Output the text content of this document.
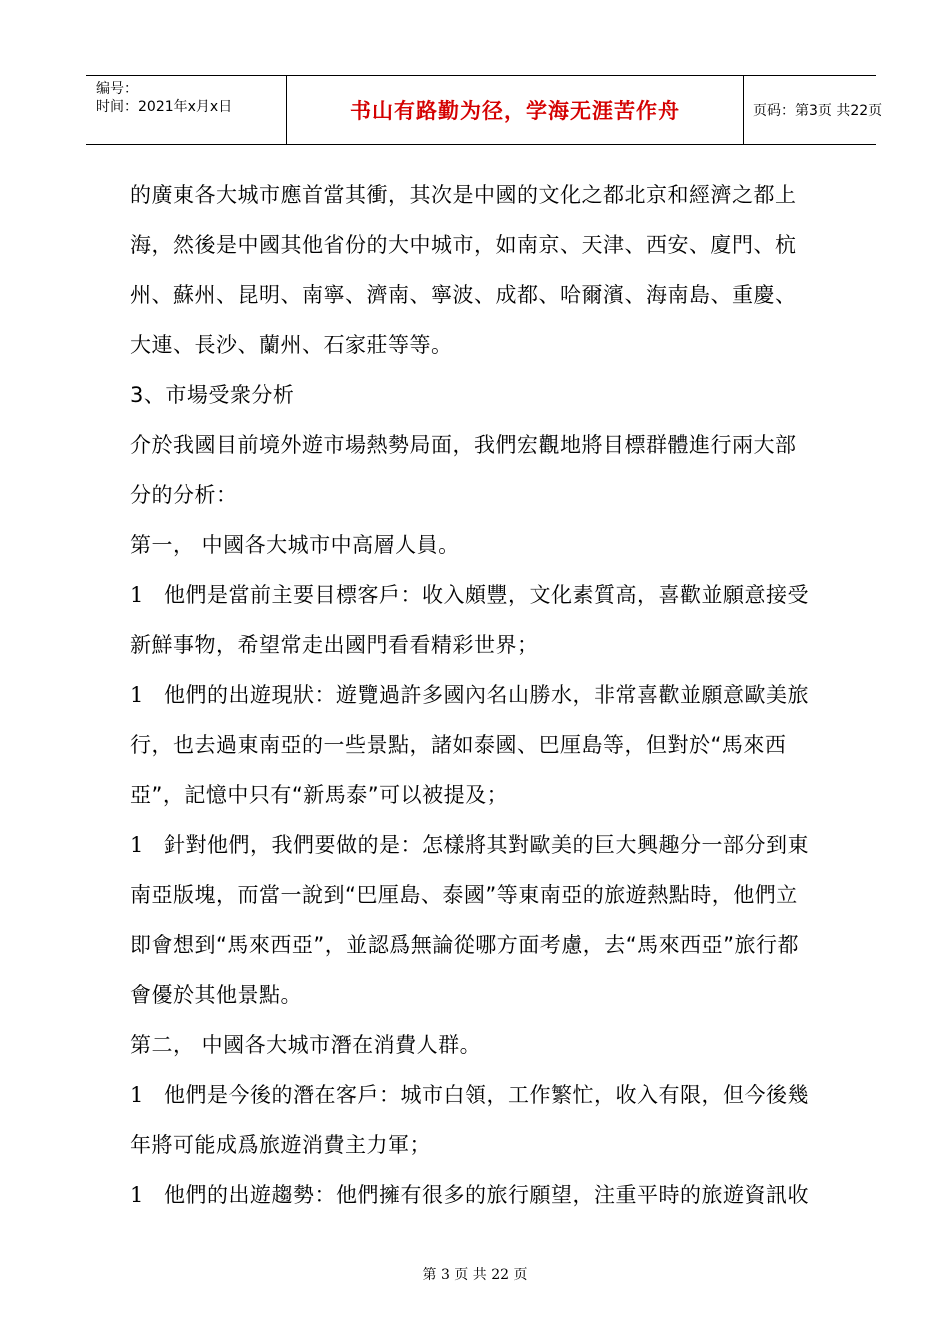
编号：
时间：2021年x月x日	书山有路勤为径，学海无涯苦作舟	页码：第3页 共22页
的廣東各大城市應首當其衝，其次是中國的文化之都北京和經濟之都上
海，然後是中國其他省份的大中城市，如南京、天津、西安、廈門、杭
州、蘇州、昆明、南寧、濟南、寧波、成都、哈爾濱、海南島、重慶、
大連、長沙、蘭州、石家莊等等。
3、市場受衆分析
介於我國目前境外遊市場熱勢局面，我們宏觀地將目標群體進行兩大部
分的分析：
第一， 中國各大城市中高層人員。
1 他們是當前主要目標客戶：收入頗豐，文化素質高，喜歡並願意接受
新鮮事物，希望常走出國門看看精彩世界；
1 他們的出遊現狀：遊覽過許多國內名山勝水，非常喜歡並願意歐美旅
行，也去過東南亞的一些景點，諸如泰國、巴厘島等，但對於“馬來西
亞”，記憶中只有“新馬泰”可以被提及；
1 針對他們，我們要做的是：怎樣將其對歐美的巨大興趣分一部分到東
南亞版塊，而當一說到“巴厘島、泰國”等東南亞的旅遊熱點時，他們立
即會想到“馬來西亞”，並認爲無論從哪方面考慮，去“馬來西亞”旅行都
會優於其他景點。
第二， 中國各大城市潛在消費人群。
1 他們是今後的潛在客戶：城市白領，工作繁忙，收入有限，但今後幾
年將可能成爲旅遊消費主力軍；
1 他們的出遊趨勢：他們擁有很多的旅行願望，注重平時的旅遊資訊收
第 3 页 共 22 页
